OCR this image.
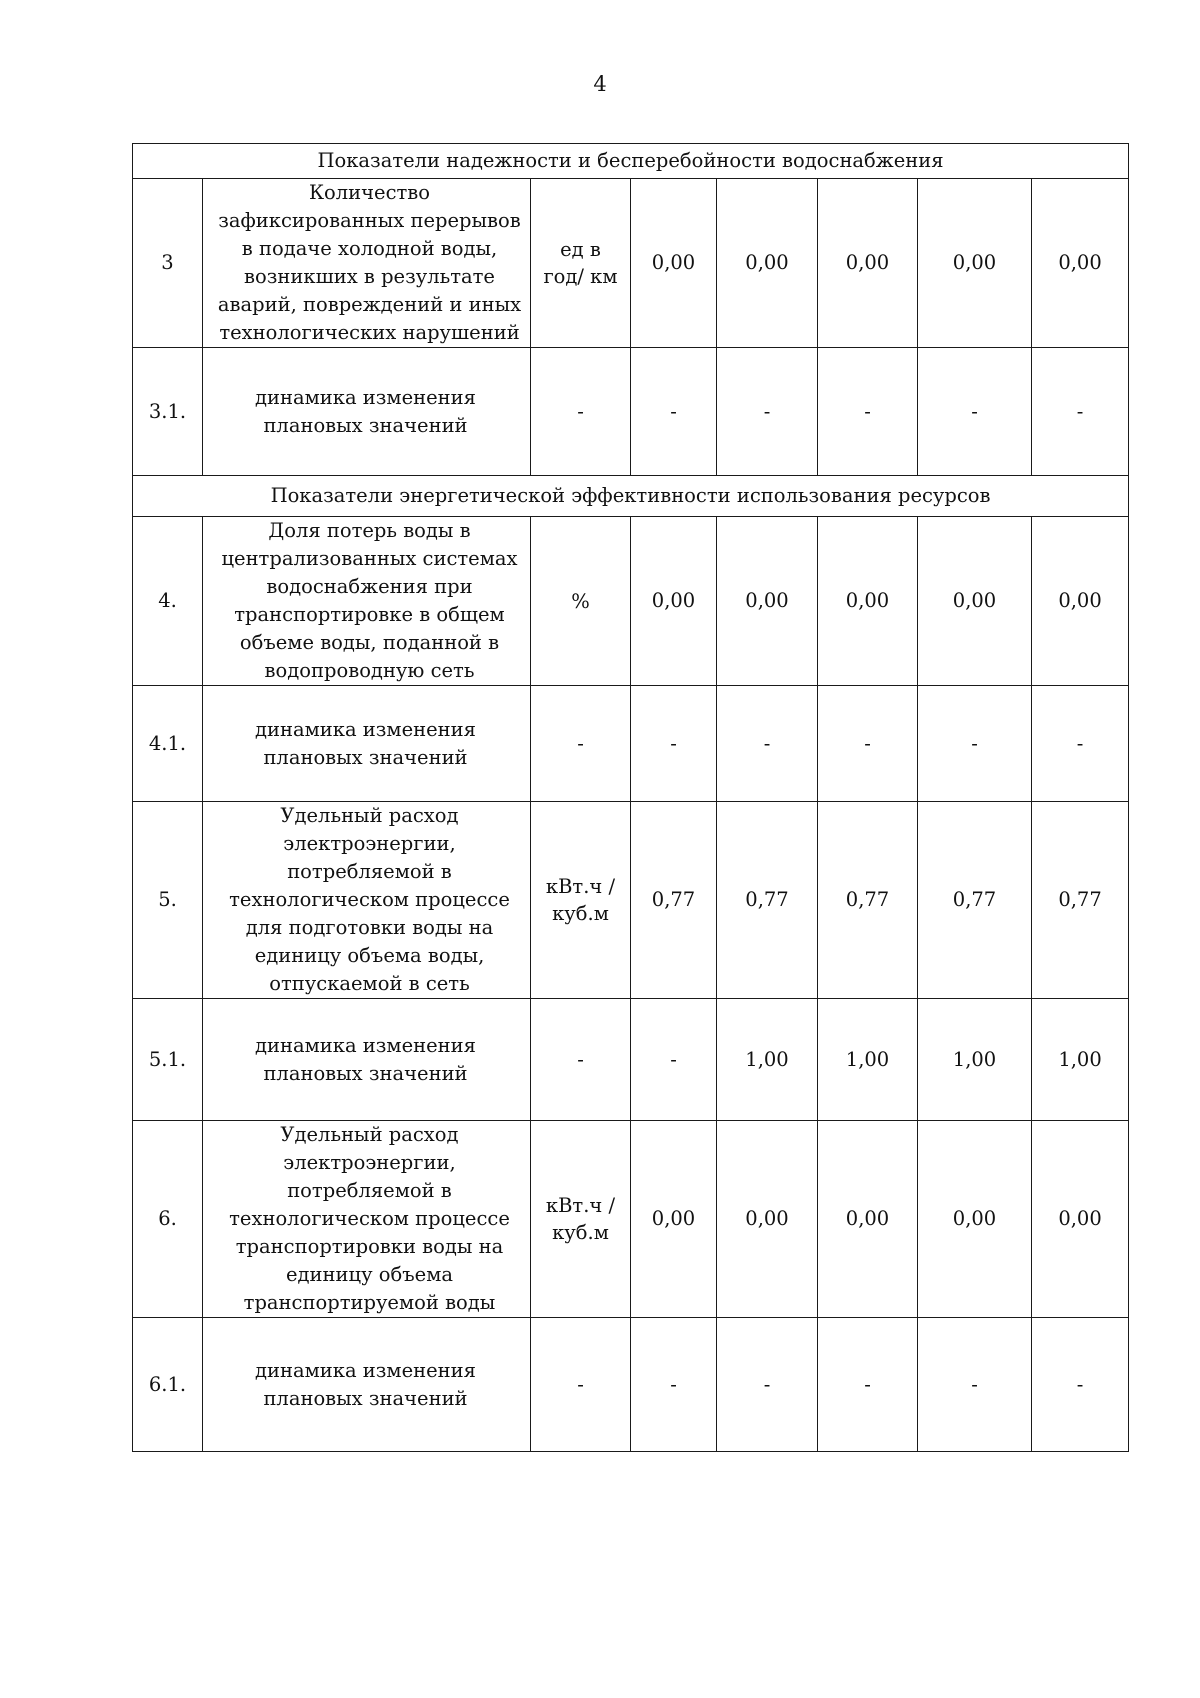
4
Показатели надежности и бесперебойности водоснабжения							
3	Количество зафиксированных перерывов в подаче холодной воды, возникших в результате аварий, повреждений и иных технологических нарушений	ед в год/ км	0,00	0,00	0,00	0,00	0,00
3.1.	динамика изменения плановых значений	-	-	-	-	-	-
Показатели энергетической эффективности использования ресурсов							
4.	Доля потерь воды в централизованных системах водоснабжения при транспортировке в общем объеме воды, поданной в водопроводную сеть	%	0,00	0,00	0,00	0,00	0,00
4.1.	динамика изменения плановых значений	-	-	-	-	-	-
5.	Удельный расход электроэнергии, потребляемой в технологическом процессе для подготовки воды на единицу объема воды, отпускаемой в сеть	кВт.ч / куб.м	0,77	0,77	0,77	0,77	0,77
5.1.	динамика изменения плановых значений	-	-	1,00	1,00	1,00	1,00
6.	Удельный расход электроэнергии, потребляемой в технологическом процессе транспортировки воды на единицу объема транспортируемой воды	кВт.ч / куб.м	0,00	0,00	0,00	0,00	0,00
6.1.	динамика изменения плановых значений	-	-	-	-	-	-
